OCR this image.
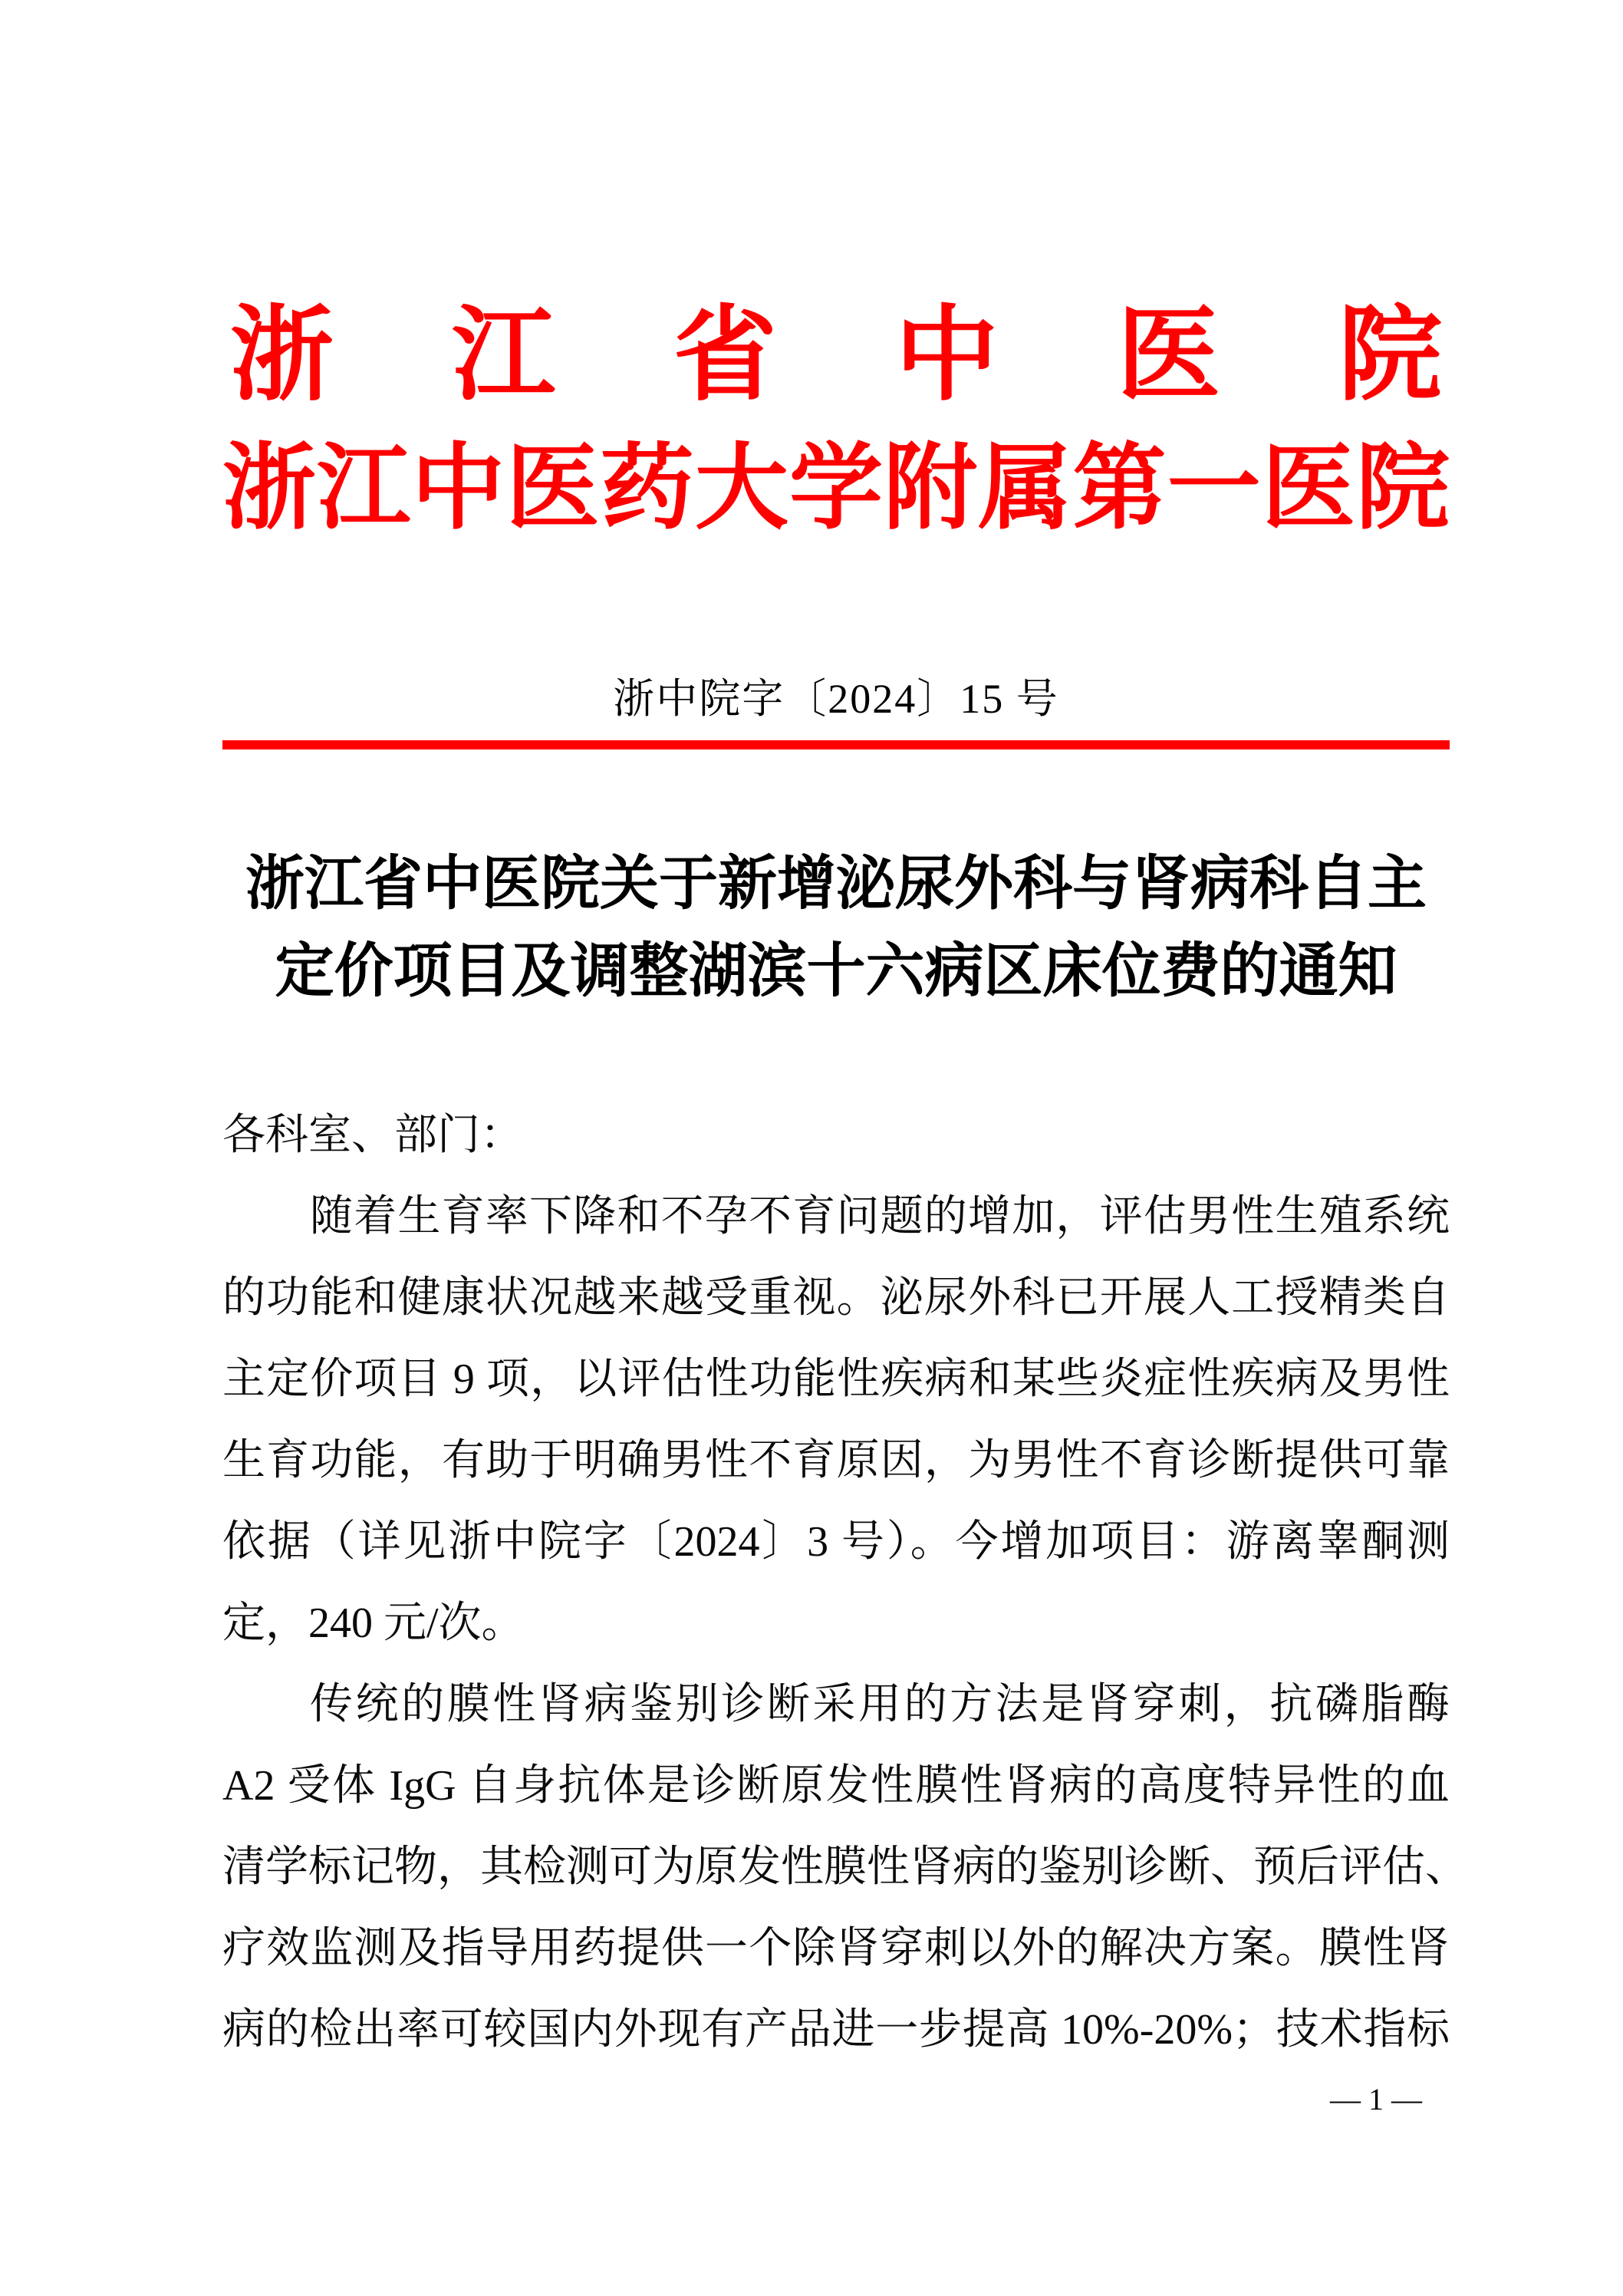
浙江省中医院
浙江中医药大学附属第一医院
浙中院字〔2024〕15 号
浙江省中医院关于新增泌尿外科与肾病科自主
定价项目及调整湖滨十六病区床位费的通知
各科室、部门：
随着生育率下降和不孕不育问题的增加，评估男性生殖系统
的功能和健康状况越来越受重视。泌尿外科已开展人工授精类自
主定价项目 9 项，以评估性功能性疾病和某些炎症性疾病及男性
生育功能，有助于明确男性不育原因，为男性不育诊断提供可靠
依据（详见浙中院字〔2024〕3 号）。今增加项目：游离睾酮测
定，240 元/次。
传统的膜性肾病鉴别诊断采用的方法是肾穿刺，抗磷脂酶
A2 受体 IgG 自身抗体是诊断原发性膜性肾病的高度特异性的血
清学标记物，其检测可为原发性膜性肾病的鉴别诊断、预后评估、
疗效监测及指导用药提供一个除肾穿刺以外的解决方案。膜性肾
病的检出率可较国内外现有产品进一步提高 10%-20%；技术指标
— 1 —
